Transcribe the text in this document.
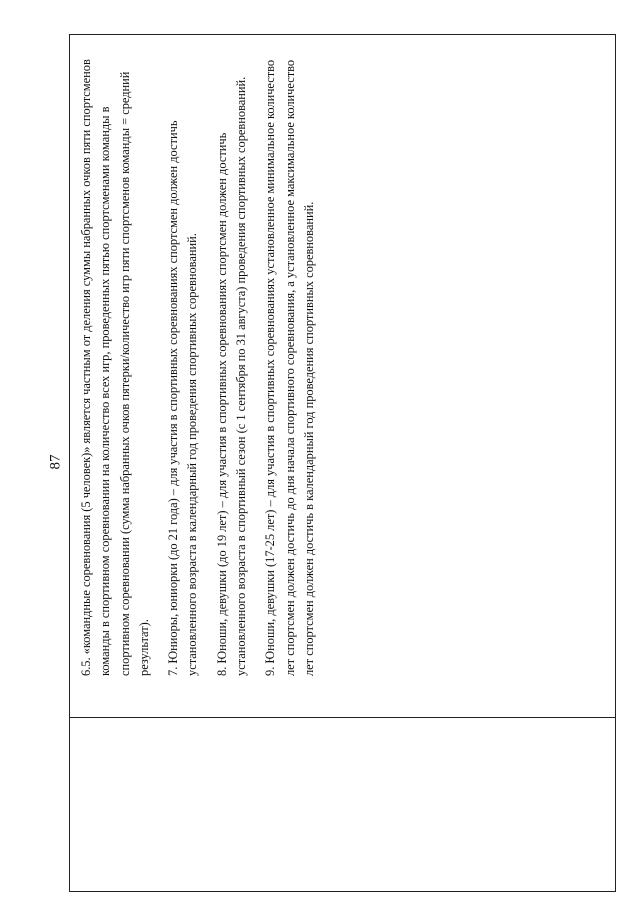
87 6.5. «командные соревнования (5 человек)» является частным от деления суммы набранных очков пяти спортсменов команды в спортивном соревновании на количество всех игр, проведенных пятью спортсменами команды в спортивном соревновании (сумма набранных очков пятерки/количество игр пяти спортсменов команды = средний результат). 7. Юниоры, юниорки (до 21 года) – для участия в спортивных соревнованиях спортсмен должен достичь установленного возраста в календарный год проведения спортивных соревнований. 8. Юноши, девушки (до 19 лет) – для участия в спортивных соревнованиях спортсмен должен достичь установленного возраста в спортивный сезон (с 1 сентября по 31 августа) проведения спортивных соревнований. 9. Юноши, девушки (17-25 лет) – для участия в спортивных соревнованиях установленное минимальное количество лет спортсмен должен достичь до дня начала спортивного соревнования, а установленное максимальное количество лет спортсмен должен достичь в календарный год проведения спортивных соревнований.
